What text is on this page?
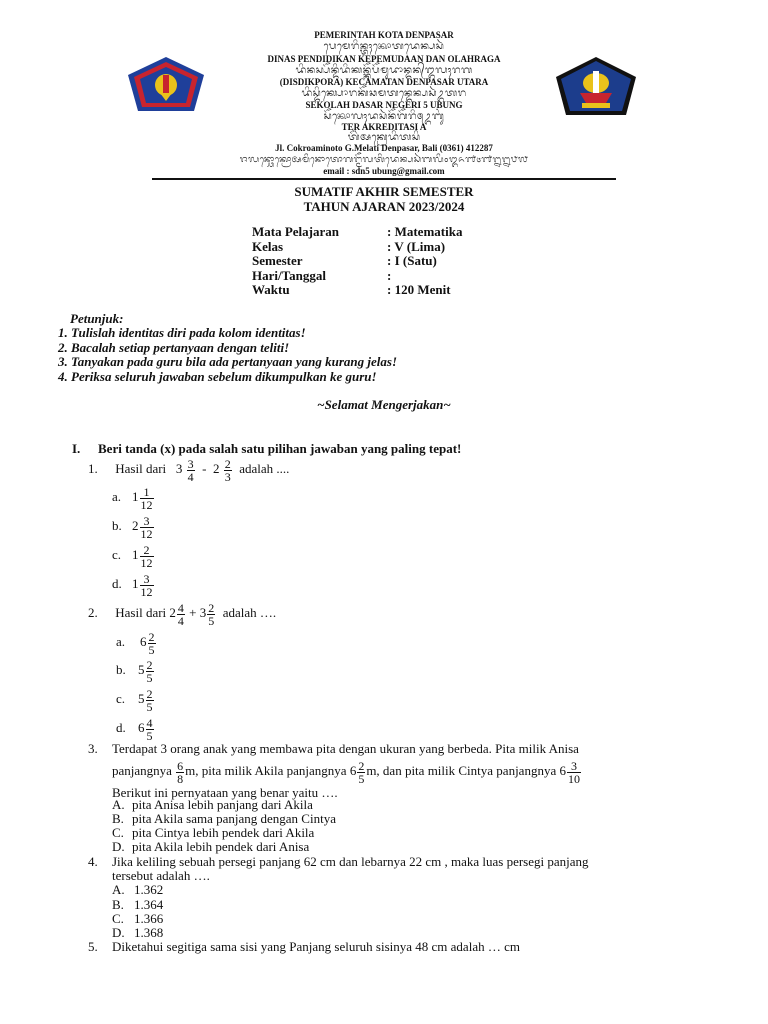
PEMERINTAH KOTA DENPASAR
ᬧᬾᬫᬾᬭᬶᬦ᭄ᬢᬄᬓᭀᬢᬤᬾᬦ᭄ᬧᬲᬃ
DINAS PENDIDIKAN KEPEMUDAAN DAN OLAHRAGA
ᬤᬶᬦᬲ᭄ᬧᭂᬦ᭄ᬤᬶᬤᬶᬓᬦ᭄ᬓᭂᬧᭂᬫᬸᬤᬵᬦ᭄ᬤᬦ᭄ᬑᬮᬄᬭᬕ
(DISDIKPORA) KECAMATAN DENPASAR UTARA
ᬤᬶᬲ᭄ᬤᬶᬓ᭄ᬧᭀᬭᬓᭂᬘᬫᬢᬦ᭄ᬤᬾᬦ᭄ᬧᬲᬃᬉᬢᬭ
SEKOLAH DASAR NEGERI 5 UBUNG
ᬲᭂᬓᭀᬮᬄᬤᬲᬃᬦᭂᬕᭂᬭᬶ᭕ᬉᬩᬸᬂ
TER AKREDITASI A
ᬢᭂᬃᬅᬓ᭄ᬭᬾᬤᬶᬢᬲᬶ
Jl. Cokroaminoto G.Melati Denpasar, Bali (0361) 412287
ᬚᬮᬦ᭄ᬘᭀᬓ᭄ᬭᭀᬅᬫᬶᬦᭀᬢᭀᬕᬗ᭄ᬫᭂᬮᬢᬶᬤᬾᬦ᭄ᬧᬲᬃᬩᬮᬶ᭐᭓᭖᭑᭔᭑᭒᭒᭘᭗
email : sdn5 ubung@gmail.com
SUMATIF AKHIR SEMESTER
TAHUN AJARAN 2023/2024
Mata Pelajaran	: Matematika
Kelas	: V (Lima)
Semester	: I (Satu)
Hari/Tanggal	:
Waktu	: 120 Menit
Petunjuk:
1. Tulislah identitas diri pada kolom identitas!
2. Bacalah setiap pertanyaan dengan teliti!
3. Tanyakan pada guru bila ada pertanyaan yang kurang jelas!
4. Periksa seluruh jawaban sebelum dikumpulkan ke guru!
~Selamat Mengerjakan~
I. Beri tanda (x) pada salah satu pilihan jawaban yang paling tepat!
1. Hasil dari $3 \frac{3}{4} - 2 \frac{2}{3}$ adalah ....
a. $1 \frac{1}{12}$
b. $2 \frac{3}{12}$
c. $1 \frac{2}{12}$
d. $1 \frac{3}{12}$
2. Hasil dari $2 \frac{4}{4} + 3 \frac{2}{5}$ adalah ….
a. $6 \frac{2}{5}$
b. $5 \frac{2}{5}$
c. $5 \frac{2}{5}$
d. $6 \frac{4}{5}$
3. Terdapat 3 orang anak yang membawa pita dengan ukuran yang berbeda. Pita milik Anisa
panjangnya $\frac{6}{8} m$, pita milik Akila panjangnya $6 \frac{2}{5} m$, dan pita milik Cintya panjangnya $6 \frac{3}{10}$
Berikut ini pernyataan yang benar yaitu ….
A. pita Anisa lebih panjang dari Akila
B. pita Akila sama panjang dengan Cintya
C. pita Cintya lebih pendek dari Akila
D. pita Akila lebih pendek dari Anisa
4. Jika keliling sebuah persegi panjang 62 cm dan lebarnya 22 cm , maka luas persegi panjang
tersebut adalah ….
A. 1.362
B. 1.364
C. 1.366
D. 1.368
5. Diketahui segitiga sama sisi yang Panjang seluruh sisinya 48 cm adalah … cm
